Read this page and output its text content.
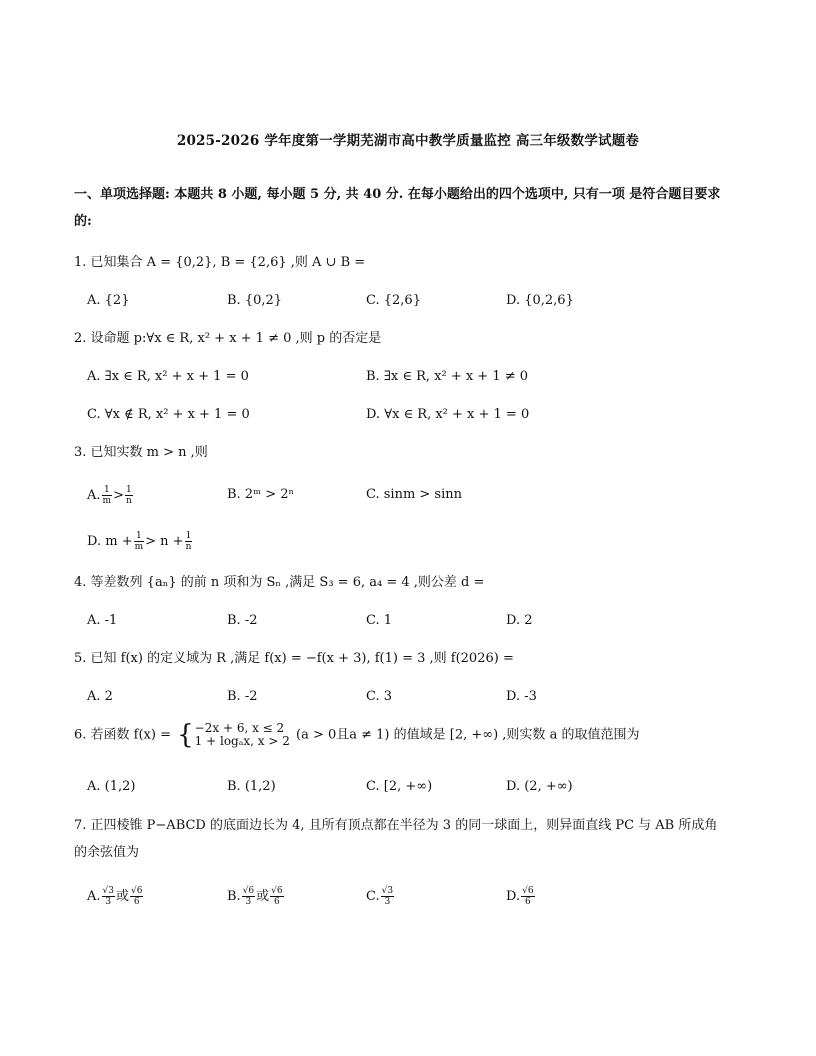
2025-2026 学年度第一学期芜湖市高中教学质量监控 高三年级数学试题卷
一、单项选择题: 本题共 8 小题, 每小题 5 分, 共 40 分. 在每小题给出的四个选项中, 只有一项 是符合题目要求
的:
1. 已知集合 A = {0,2}, B = {2,6} ,则 A ∪ B =
A. {2}	B. {0,2}	C. {2,6}	D. {0,2,6}
2. 设命题 p:∀x ∈ R, x² + x + 1 ≠ 0 ,则 p 的否定是
A. ∃x ∈ R, x² + x + 1 = 0	B. ∃x ∈ R, x² + x + 1 ≠ 0
C. ∀x ∉ R, x² + x + 1 = 0	D. ∀x ∈ R, x² + x + 1 = 0
3. 已知实数 m > n ,则
A. $\frac{1}{m} > \frac{1}{n}$	B. 2ᵐ > 2ⁿ	C. sinm > sinn
D. $m + \frac{1}{m} > n + \frac{1}{n}$
4. 等差数列 {aₙ} 的前 n 项和为 Sₙ ,满足 S₃ = 6, a₄ = 4 ,则公差 d =
A. -1	B. -2	C. 1	D. 2
5. 已知 f(x) 的定义域为 R ,满足 f(x) = −f(x + 3), f(1) = 3 ,则 f(2026) =
A. 2	B. -2	C. 3	D. -3
6. 若函数 f(x) = { −2x + 6, x ≤ 2
1 + logₐx, x > 2 (a > 0且a ≠ 1) 的值域是 [2, +∞) ,则实数 a 的取值范围为
A. (1,2)	B. (1,2)	C. [2, +∞)	D. (2, +∞)
7. 正四棱锥 P−ABCD 的底面边长为 4, 且所有顶点都在半径为 3 的同一球面上，则异面直线 PC 与 AB 所成角
的余弦值为
A. $\frac{√3}{3}$ 或 $\frac{√6}{6}$	B. $\frac{√6}{3}$ 或 $\frac{√6}{6}$	C. $\frac{√3}{3}$	D. $\frac{√6}{6}$
